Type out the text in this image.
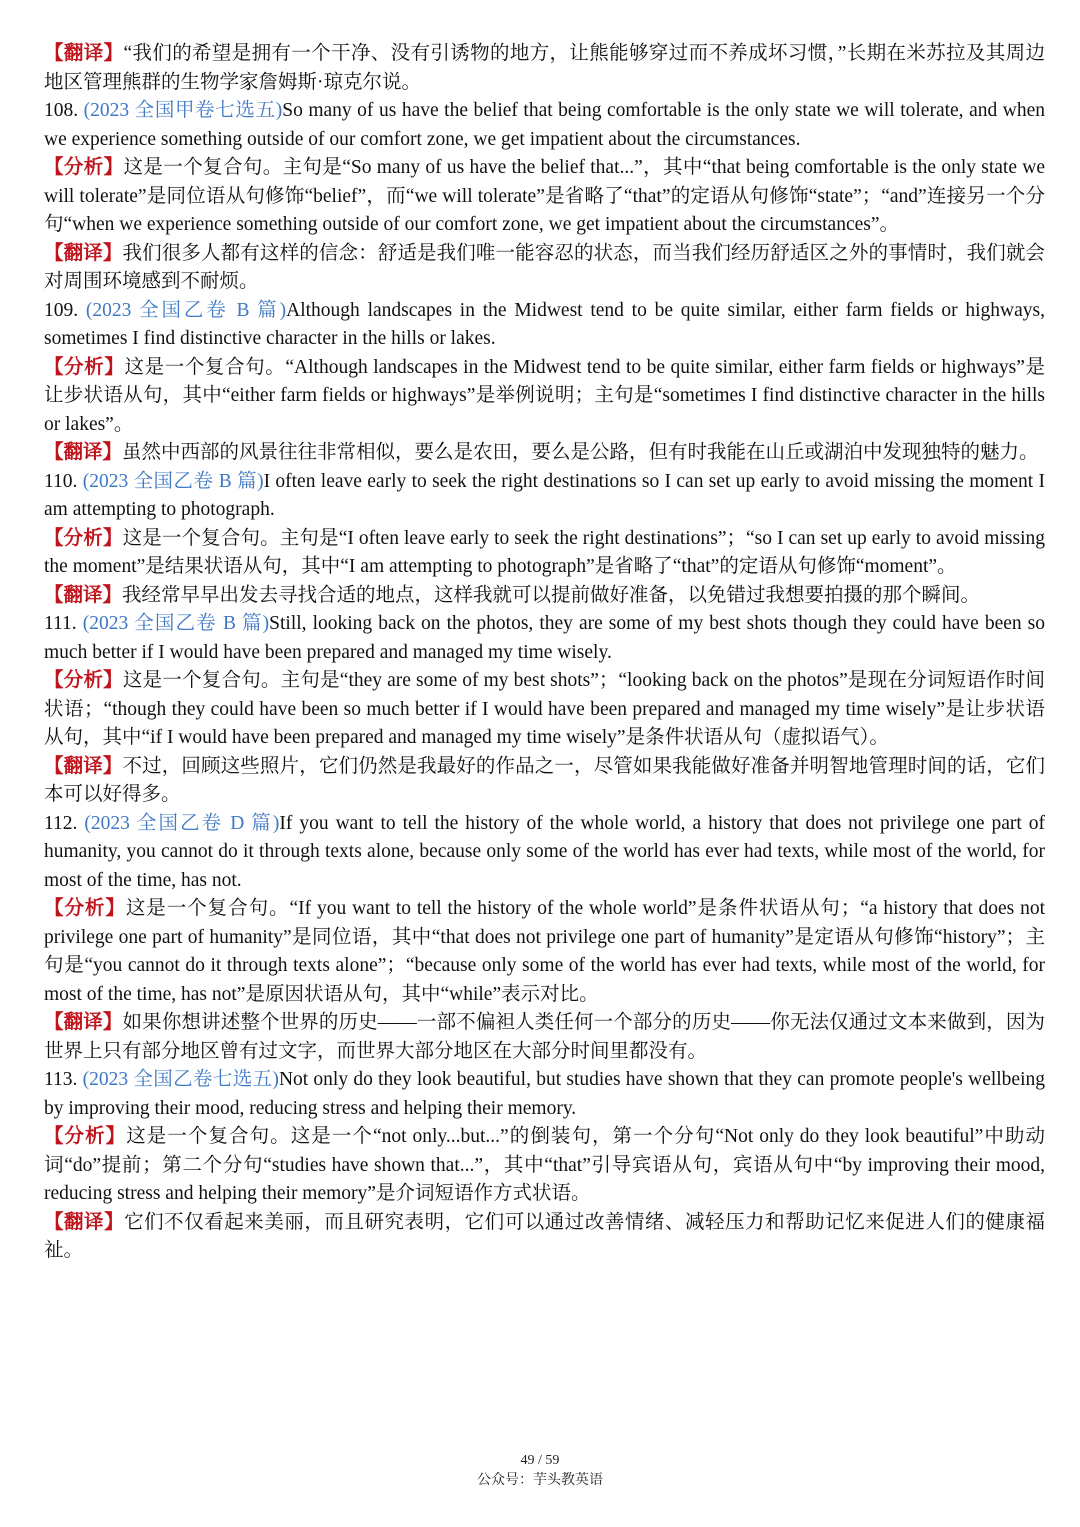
【翻译】“我们的希望是拥有一个干净、没有引诱物的地方，让熊能够穿过而不养成坏习惯，”长期在米苏拉及其周边地区管理熊群的生物学家詹姆斯·琼克尔说。

108. (2023 全国甲卷七选五)So many of us have the belief that being comfortable is the only state we will tolerate, and when we experience something outside of our comfort zone, we get impatient about the circumstances.

【分析】这是一个复合句。主句是“So many of us have the belief that...”，其中“that being comfortable is the only state we will tolerate”是同位语从句修饰“belief”，而“we will tolerate”是省略了“that”的定语从句修饰“state”；“and”连接另一个分句“when we experience something outside of our comfort zone, we get impatient about the circumstances”。

【翻译】我们很多人都有这样的信念：舒适是我们唯一能容忍的状态，而当我们经历舒适区之外的事情时，我们就会对周围环境感到不耐烦。

109. (2023 全国乙卷 B 篇)Although landscapes in the Midwest tend to be quite similar, either farm fields or highways, sometimes I find distinctive character in the hills or lakes.

【分析】这是一个复合句。“Although landscapes in the Midwest tend to be quite similar, either farm fields or highways”是让步状语从句，其中“either farm fields or highways”是举例说明；主句是“sometimes I find distinctive character in the hills or lakes”。

【翻译】虽然中西部的风景往往非常相似，要么是农田，要么是公路，但有时我能在山丘或湖泊中发现独特的魅力。

110. (2023 全国乙卷 B 篇)I often leave early to seek the right destinations so I can set up early to avoid missing the moment I am attempting to photograph.

【分析】这是一个复合句。主句是“I often leave early to seek the right destinations”；“so I can set up early to avoid missing the moment”是结果状语从句，其中“I am attempting to photograph”是省略了“that”的定语从句修饰“moment”。

【翻译】我经常早早出发去寻找合适的地点，这样我就可以提前做好准备，以免错过我想要拍摄的那个瞬间。

111. (2023 全国乙卷 B 篇)Still, looking back on the photos, they are some of my best shots though they could have been so much better if I would have been prepared and managed my time wisely.

【分析】这是一个复合句。主句是“they are some of my best shots”；“looking back on the photos”是现在分词短语作时间状语；“though they could have been so much better if I would have been prepared and managed my time wisely”是让步状语从句，其中“if I would have been prepared and managed my time wisely”是条件状语从句（虚拟语气）。

【翻译】不过，回顾这些照片，它们仍然是我最好的作品之一，尽管如果我能做好准备并明智地管理时间的话，它们本可以好得多。

112. (2023 全国乙卷 D 篇)If you want to tell the history of the whole world, a history that does not privilege one part of humanity, you cannot do it through texts alone, because only some of the world has ever had texts, while most of the world, for most of the time, has not.

【分析】这是一个复合句。“If you want to tell the history of the whole world”是条件状语从句；“a history that does not privilege one part of humanity”是同位语，其中“that does not privilege one part of humanity”是定语从句修饰“history”；主句是“you cannot do it through texts alone”；“because only some of the world has ever had texts, while most of the world, for most of the time, has not”是原因状语从句，其中“while”表示对比。

【翻译】如果你想讲述整个世界的历史——一部不偏袒人类任何一个部分的历史——你无法仅通过文本来做到，因为世界上只有部分地区曾有过文字，而世界大部分地区在大部分时间里都没有。

113. (2023 全国乙卷七选五)Not only do they look beautiful, but studies have shown that they can promote people's wellbeing by improving their mood, reducing stress and helping their memory.

【分析】这是一个复合句。这是一个“not only...but...”的倒装句，第一个分句“Not only do they look beautiful”中助动词“do”提前；第二个分句“studies have shown that...”，其中“that”引导宾语从句，宾语从句中“by improving their mood, reducing stress and helping their memory”是介词短语作方式状语。

【翻译】它们不仅看起来美丽，而且研究表明，它们可以通过改善情绪、减轻压力和帮助记忆来促进人们的健康福祉。

49 / 59
公众号：芋头教英语
